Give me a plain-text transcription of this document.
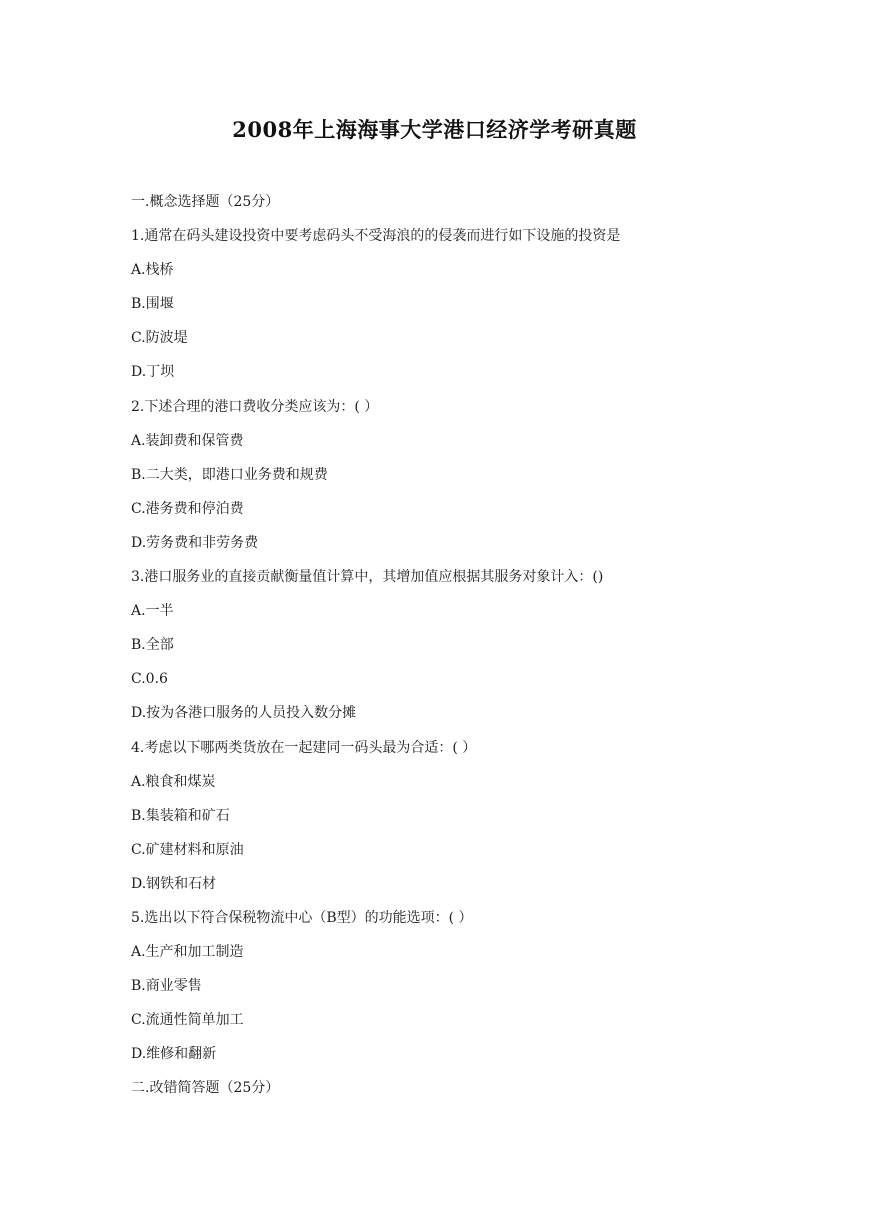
2008年上海海事大学港口经济学考研真题
一.概念选择题（25分）
1.通常在码头建设投资中要考虑码头不受海浪的的侵袭而进行如下设施的投资是
A.栈桥
B.围堰
C.防波堤
D.丁坝
2.下述合理的港口费收分类应该为：( ）
A.装卸费和保管费
B.二大类，即港口业务费和规费
C.港务费和停泊费
D.劳务费和非劳务费
3.港口服务业的直接贡献衡量值计算中，其增加值应根据其服务对象计入：()
A.一半
B.全部
C.0.6
D.按为各港口服务的人员投入数分摊
4.考虑以下哪两类货放在一起建同一码头最为合适：( ）
A.粮食和煤炭
B.集装箱和矿石
C.矿建材料和原油
D.钢铁和石材
5.选出以下符合保税物流中心（B型）的功能选项：( ）
A.生产和加工制造
B.商业零售
C.流通性简单加工
D.维修和翻新
二.改错简答题（25分）
